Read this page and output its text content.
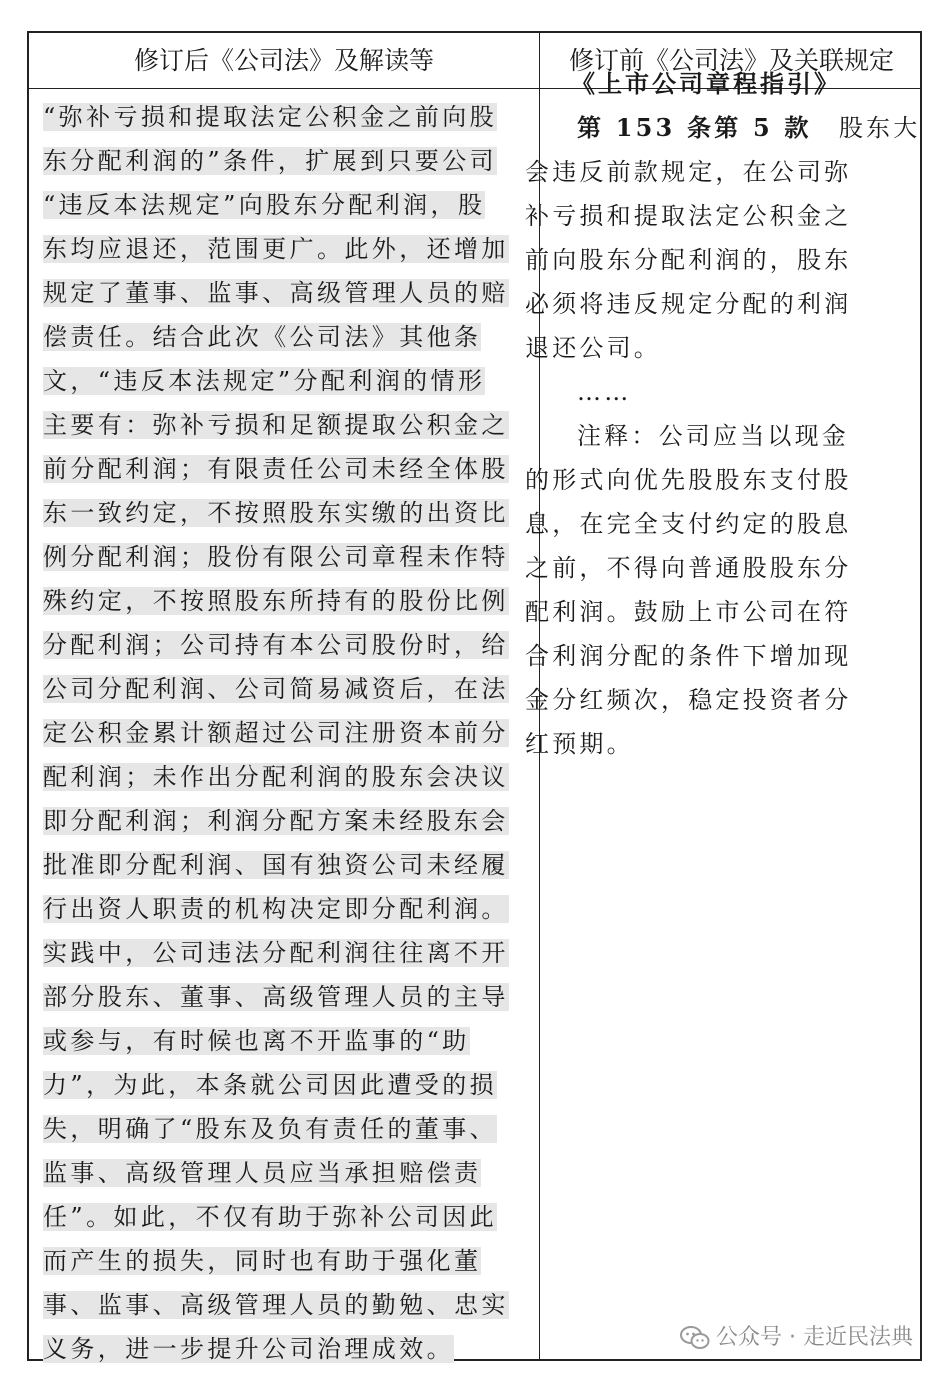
修订后《公司法》及解读等	修订前《公司法》及关联规定
“弥补亏损和提取法定公积金之前向股
东分配利润的”条件，扩展到只要公司
“违反本法规定”向股东分配利润，股
东均应退还，范围更广。此外，还增加
规定了董事、监事、高级管理人员的赔
偿责任。结合此次《公司法》其他条
文，“违反本法规定”分配利润的情形
主要有：弥补亏损和足额提取公积金之
前分配利润；有限责任公司未经全体股
东一致约定，不按照股东实缴的出资比
例分配利润；股份有限公司章程未作特
殊约定，不按照股东所持有的股份比例
分配利润；公司持有本公司股份时，给
公司分配利润、公司简易减资后，在法
定公积金累计额超过公司注册资本前分
配利润；未作出分配利润的股东会决议
即分配利润；利润分配方案未经股东会
批准即分配利润、国有独资公司未经履
行出资人职责的机构决定即分配利润。
实践中，公司违法分配利润往往离不开
部分股东、董事、高级管理人员的主导
或参与，有时候也离不开监事的“助
力”，为此，本条就公司因此遭受的损
失，明确了“股东及负有责任的董事、
监事、高级管理人员应当承担赔偿责
任”。如此，不仅有助于弥补公司因此
而产生的损失，同时也有助于强化董
事、监事、高级管理人员的勤勉、忠实
义务，进一步提升公司治理成效。
《上市公司章程指引》
第 153 条第 5 款  股东大
会违反前款规定，在公司弥
补亏损和提取法定公积金之
前向股东分配利润的，股东
必须将违反规定分配的利润
退还公司。
……
注释：公司应当以现金
的形式向优先股股东支付股
息，在完全支付约定的股息
之前，不得向普通股股东分
配利润。鼓励上市公司在符
合利润分配的条件下增加现
金分红频次，稳定投资者分
红预期。
公众号 · 走近民法典
